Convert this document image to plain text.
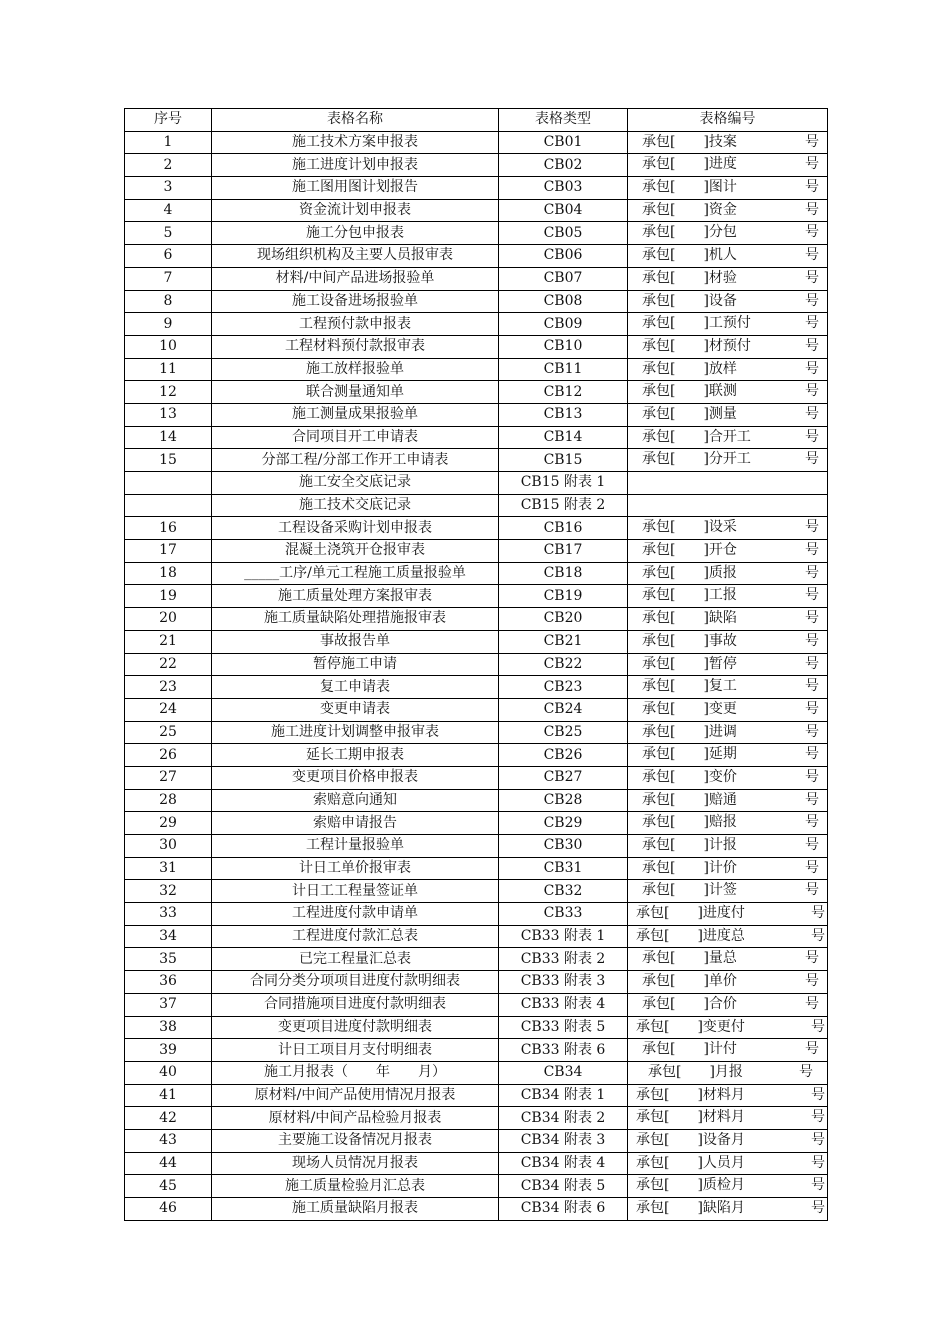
序号	表格名称	表格类型	表格编号
1	施工技术方案申报表	CB01	承包[　　]技案 号

2	施工进度计划申报表	CB02	承包[　　]进度 号

3	施工图用图计划报告	CB03	承包[　　]图计 号

4	资金流计划申报表	CB04	承包[　　]资金 号

5	施工分包申报表	CB05	承包[　　]分包 号

6	现场组织机构及主要人员报审表	CB06	承包[　　]机人 号

7	材料/中间产品进场报验单	CB07	承包[　　]材验 号

8	施工设备进场报验单	CB08	承包[　　]设备 号

9	工程预付款申报表	CB09	承包[　　]工预付 号

10	工程材料预付款报审表	CB10	承包[　　]材预付 号

11	施工放样报验单	CB11	承包[　　]放样 号

12	联合测量通知单	CB12	承包[　　]联测 号

13	施工测量成果报验单	CB13	承包[　　]测量 号

14	合同项目开工申请表	CB14	承包[　　]合开工 号

15	分部工程/分部工作开工申请表	CB15	承包[　　]分开工 号

	施工安全交底记录	CB15 附表 1	

	施工技术交底记录	CB15 附表 2	

16	工程设备采购计划申报表	CB16	承包[　　]设采 号

17	混凝土浇筑开仓报审表	CB17	承包[　　]开仓 号

18	_____工序/单元工程施工质量报验单	CB18	承包[　　]质报 号

19	施工质量处理方案报审表	CB19	承包[　　]工报 号

20	施工质量缺陷处理措施报审表	CB20	承包[　　]缺陷 号

21	事故报告单	CB21	承包[　　]事故 号

22	暂停施工申请	CB22	承包[　　]暂停 号

23	复工申请表	CB23	承包[　　]复工 号

24	变更申请表	CB24	承包[　　]变更 号

25	施工进度计划调整申报审表	CB25	承包[　　]进调 号

26	延长工期申报表	CB26	承包[　　]延期 号

27	变更项目价格申报表	CB27	承包[　　]变价 号

28	索赔意向通知	CB28	承包[　　]赔通 号

29	索赔申请报告	CB29	承包[　　]赔报 号

30	工程计量报验单	CB30	承包[　　]计报 号

31	计日工单价报审表	CB31	承包[　　]计价 号

32	计日工工程量签证单	CB32	承包[　　]计签 号

33	工程进度付款申请单	CB33	承包[　　]进度付 号

34	工程进度付款汇总表	CB33 附表 1	承包[　　]进度总 号

35	已完工程量汇总表	CB33 附表 2	承包[　　]量总 号

36	合同分类分项项目进度付款明细表	CB33 附表 3	承包[　　]单价 号

37	合同措施项目进度付款明细表	CB33 附表 4	承包[　　]合价 号

38	变更项目进度付款明细表	CB33 附表 5	承包[　　]变更付 号

39	计日工项目月支付明细表	CB33 附表 6	承包[　　]计付 号

40	施工月报表（　　年　　月）	CB34	承包[　　]月报 号

41	原材料/中间产品使用情况月报表	CB34 附表 1	承包[　　]材料月 号

42	原材料/中间产品检验月报表	CB34 附表 2	承包[　　]材料月 号

43	主要施工设备情况月报表	CB34 附表 3	承包[　　]设备月 号

44	现场人员情况月报表	CB34 附表 4	承包[　　]人员月 号

45	施工质量检验月汇总表	CB34 附表 5	承包[　　]质检月 号

46	施工质量缺陷月报表	CB34 附表 6	承包[　　]缺陷月 号
